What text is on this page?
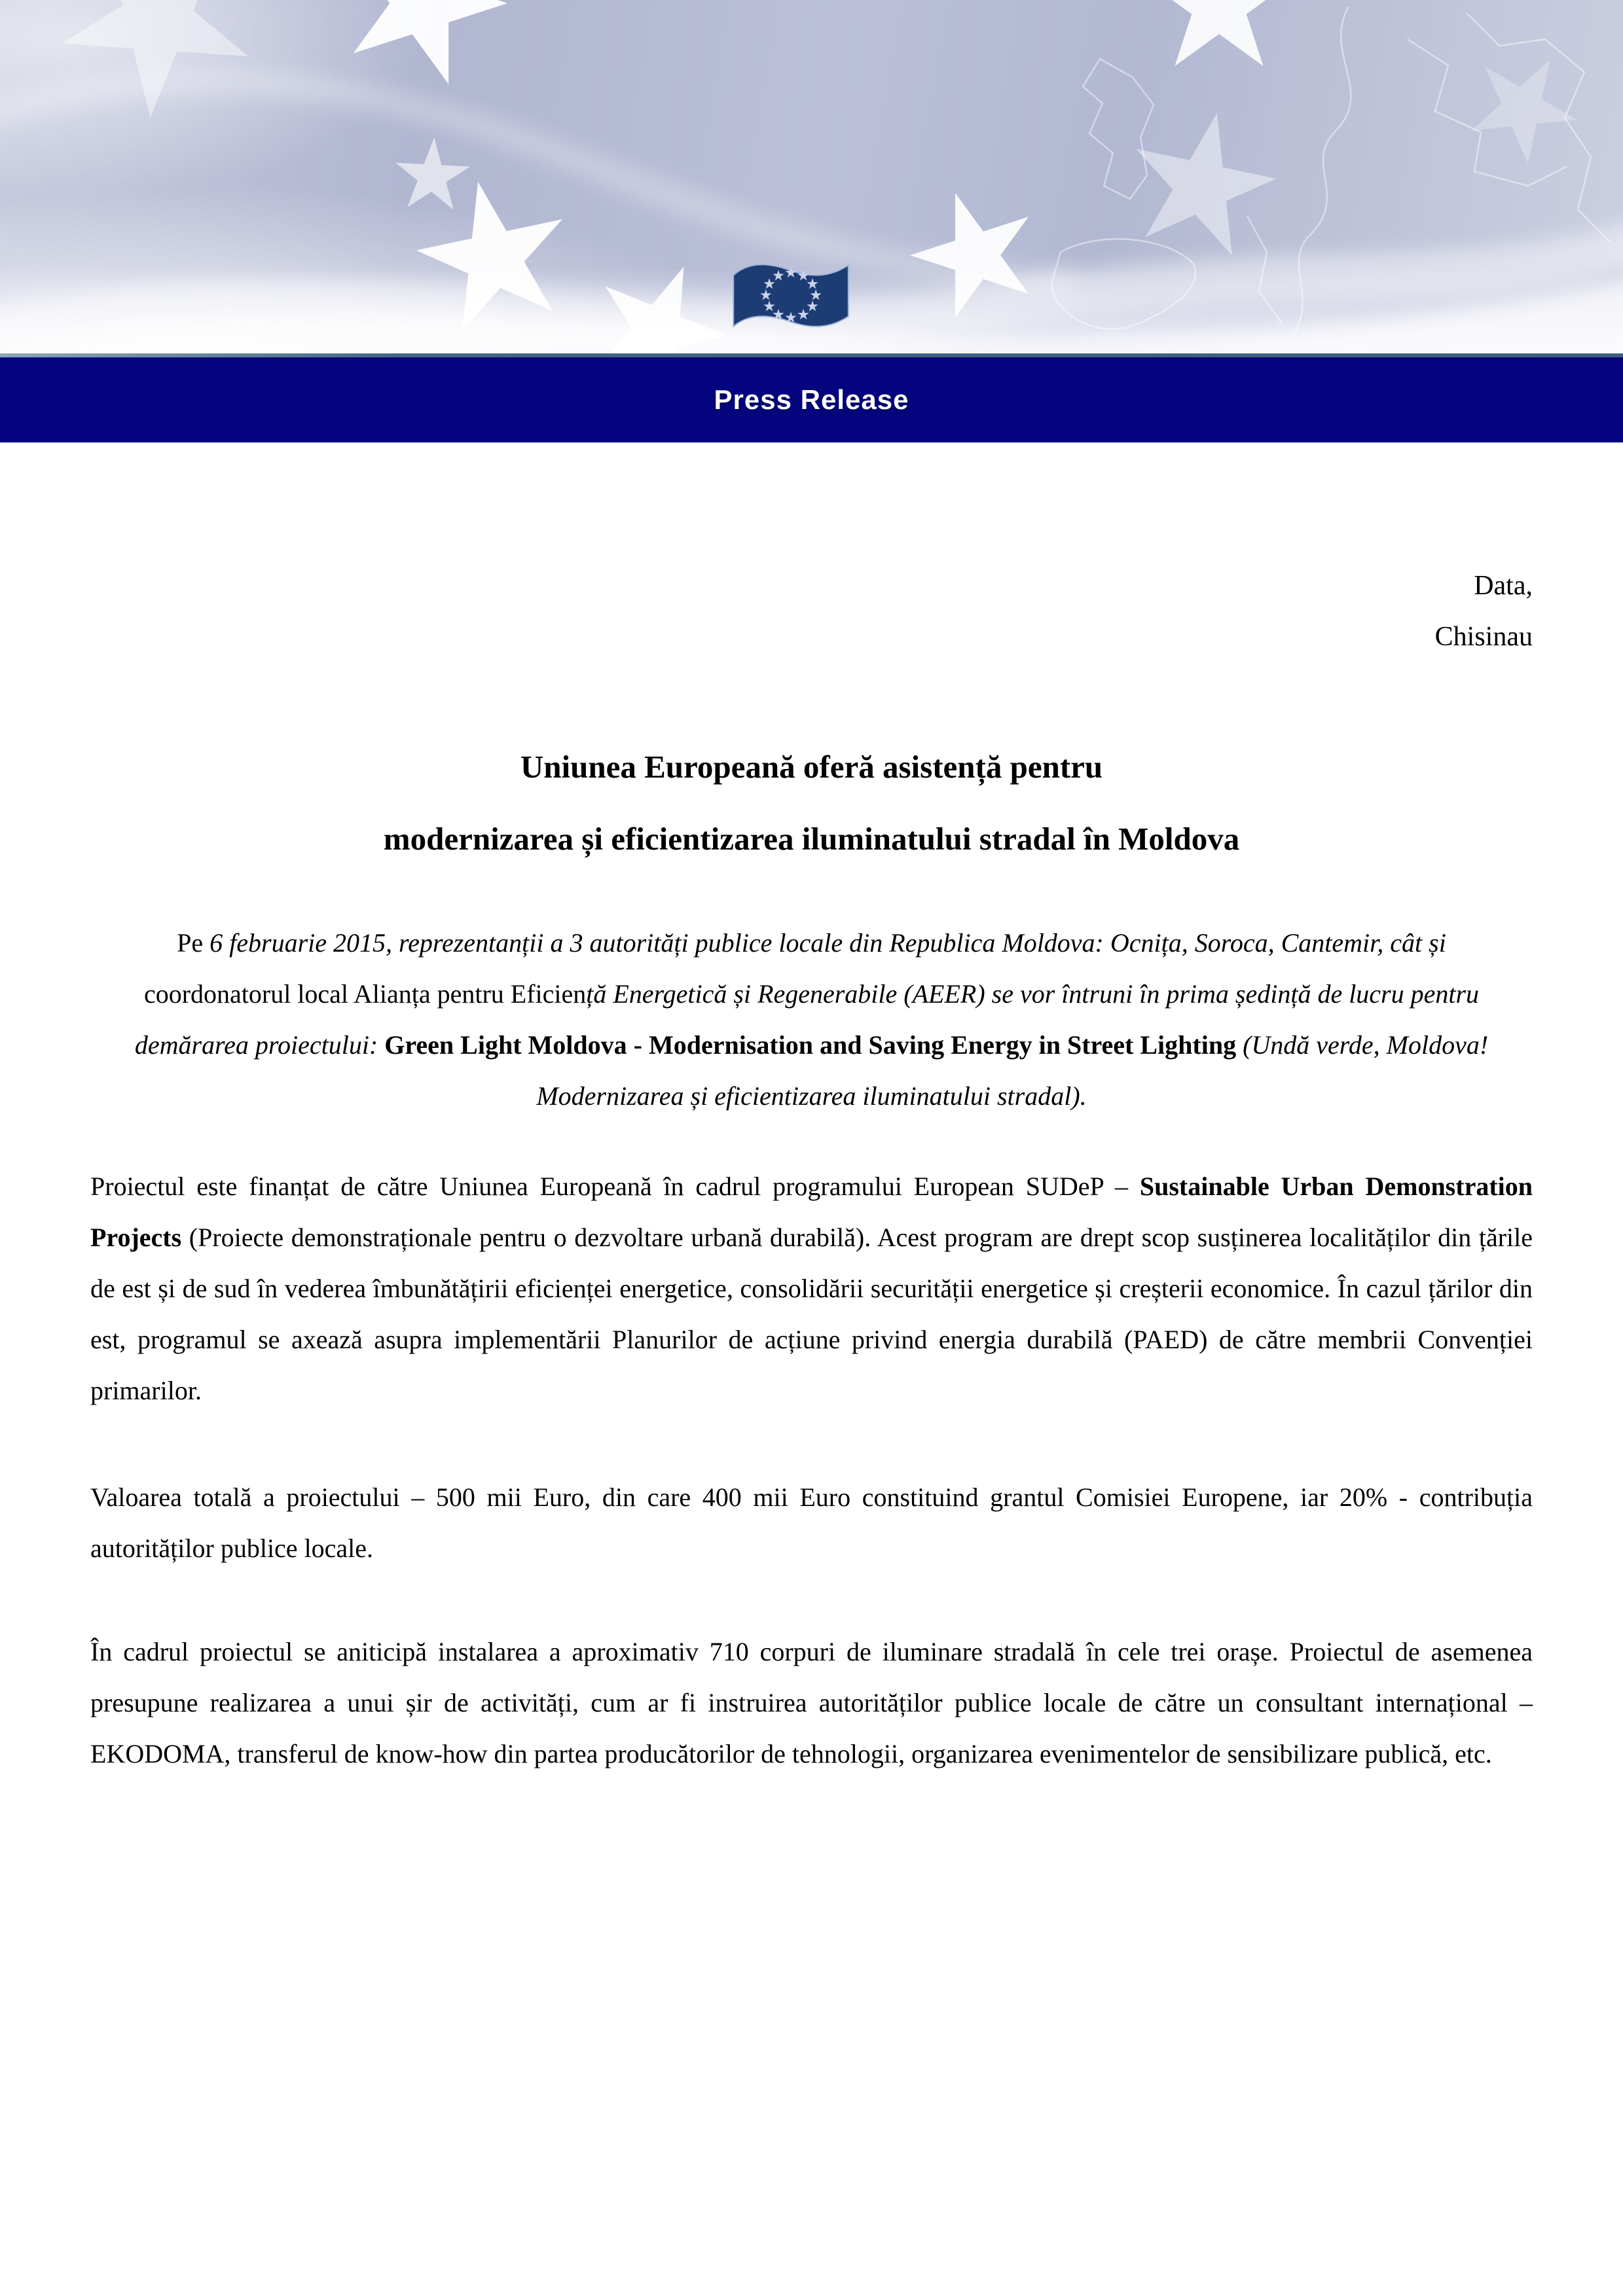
Press Release
Data,
Chisinau
Uniunea Europeană oferă asistență pentru
modernizarea și eficientizarea iluminatului stradal în Moldova
Pe 6 februarie 2015, reprezentanții a 3 autorități publice locale din Republica Moldova: Ocnița, Soroca, Cantemir, cât și
coordonatorul local Alianța pentru Eficiență Energetică și Regenerabile (AEER) se vor întruni în prima ședință de lucru pentru
demărarea proiectului: Green Light Moldova - Modernisation and Saving Energy in Street Lighting (Undă verde, Moldova!
Modernizarea și eficientizarea iluminatului stradal).

Proiectul este finanțat de către Uniunea Europeană în cadrul programului European SUDeP – Sustainable Urban Demonstration Projects (Proiecte demonstraționale pentru o dezvoltare urbană durabilă). Acest program are drept scop susținerea localităților din țările de est și de sud în vederea îmbunătățirii eficienței energetice, consolidării securității energetice și creșterii economice. În cazul țărilor din est, programul se axează asupra implementării Planurilor de acțiune privind energia durabilă (PAED) de către membrii Convenției primarilor.

Valoarea totală a proiectului – 500 mii Euro, din care 400 mii Euro constituind grantul Comisiei Europene, iar 20% - contribuția autorităților publice locale.

În cadrul proiectul se aniticipă instalarea a aproximativ 710 corpuri de iluminare stradală în cele trei orașe. Proiectul de asemenea presupune realizarea a unui șir de activități, cum ar fi instruirea autorităților publice locale de către un consultant internațional – EKODOMA, transferul de know-how din partea producătorilor de tehnologii, organizarea evenimentelor de sensibilizare publică, etc.
